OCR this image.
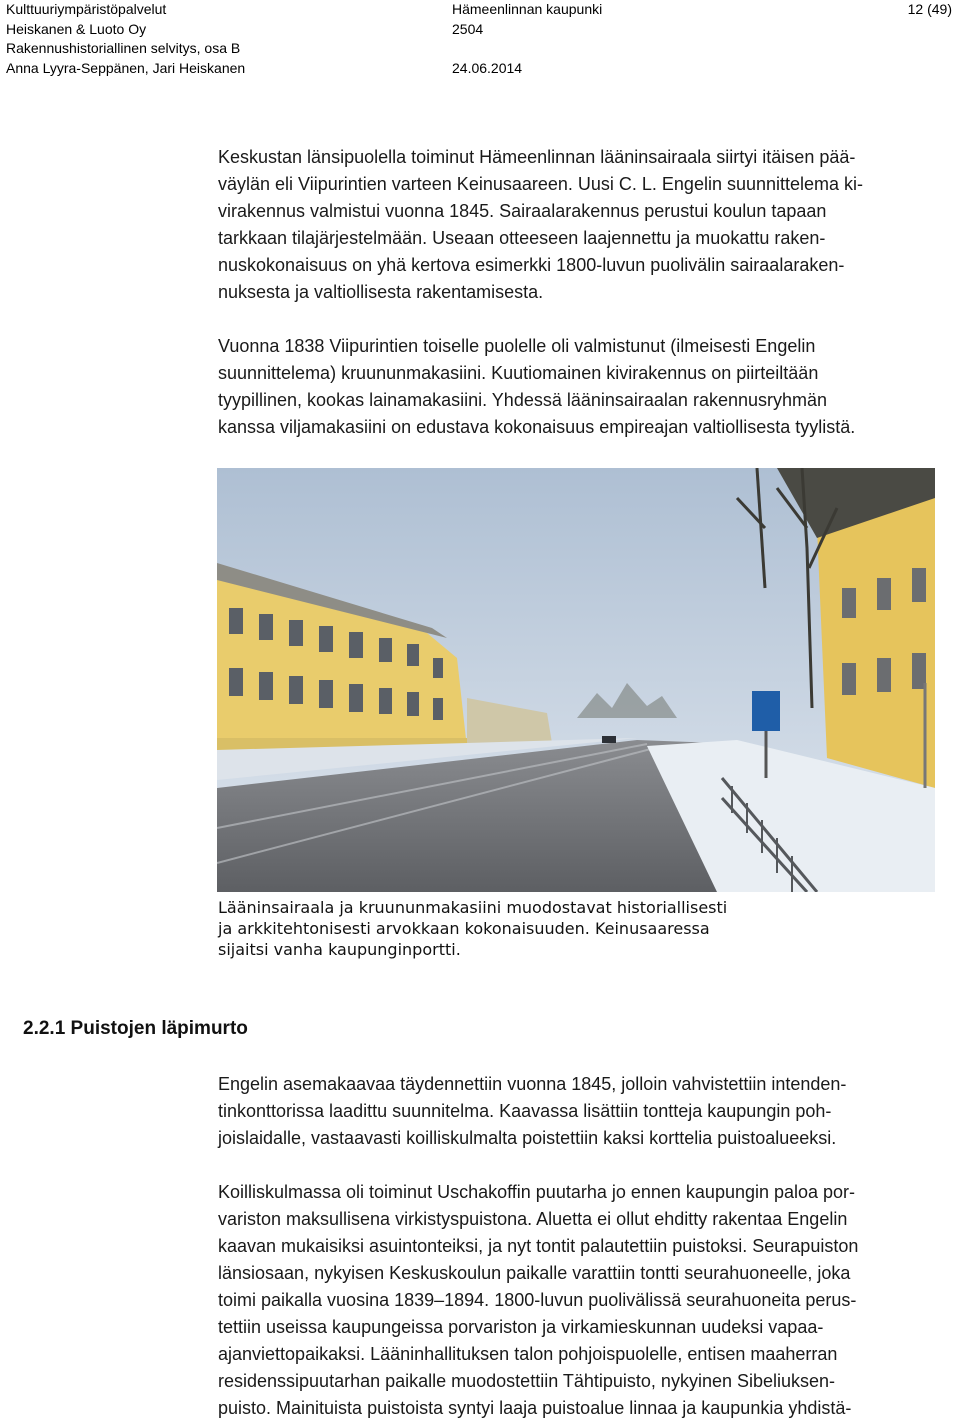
Kulttuuriympäristöpalvelut
Heiskanen & Luoto Oy
Rakennushistoriallinen selvitys, osa B
Anna Lyyra-Seppänen, Jari Heiskanen
Hämeenlinnan kaupunki
2504
24.06.2014
12 (49)
Keskustan länsipuolella toiminut Hämeenlinnan lääninsairaala siirtyi itäisen pää-
väylän eli Viipurintien varteen Keinusaareen. Uusi C. L. Engelin suunnittelema ki-
virakennus valmistui vuonna 1845. Sairaalarakennus perustui koulun tapaan
tarkkaan tilajärjestelmään. Useaan otteeseen laajennettu ja muokattu raken-
nuskokonaisuus on yhä kertova esimerkki 1800-luvun puolivälin sairaalaraken-
nuksesta ja valtiollisesta rakentamisesta.
Vuonna 1838 Viipurintien toiselle puolelle oli valmistunut (ilmeisesti Engelin
suunnittelema) kruununmakasiini. Kuutiomainen kivirakennus on piirteiltään
tyypillinen, kookas lainamakasiini. Yhdessä lääninsairaalan rakennusryhmän
kanssa viljamakasiini on edustava kokonaisuus empireajan valtiollisesta tyylistä.
Lääninsairaala ja kruununmakasiini muodostavat historiallisesti
ja arkkitehtonisesti arvokkaan kokonaisuuden. Keinusaaressa
sijaitsi vanha kaupunginportti.
2.2.1 Puistojen läpimurto
Engelin asemakaavaa täydennettiin vuonna 1845, jolloin vahvistettiin intenden-
tinkonttorissa laadittu suunnitelma. Kaavassa lisättiin tontteja kaupungin poh-
joislaidalle, vastaavasti koilliskulmalta poistettiin kaksi korttelia puistoalueeksi.
Koilliskulmassa oli toiminut Uschakoffin puutarha jo ennen kaupungin paloa por-
variston maksullisena virkistyspuistona. Aluetta ei ollut ehditty rakentaa Engelin
kaavan mukaisiksi asuintonteiksi, ja nyt tontit palautettiin puistoksi. Seurapuiston
länsiosaan, nykyisen Keskuskoulun paikalle varattiin tontti seurahuoneelle, joka
toimi paikalla vuosina 1839–1894. 1800-luvun puolivälissä seurahuoneita perus-
tettiin useissa kaupungeissa porvariston ja virkamieskunnan uudeksi vapaa-
ajanviettopaikaksi. Lääninhallituksen talon pohjoispuolelle, entisen maaherran
residenssipuutarhan paikalle muodostettiin Tähtipuisto, nykyinen Sibeliuksen-
puisto. Mainituista puistoista syntyi laaja puistoalue linnaa ja kaupunkia yhdistä-
